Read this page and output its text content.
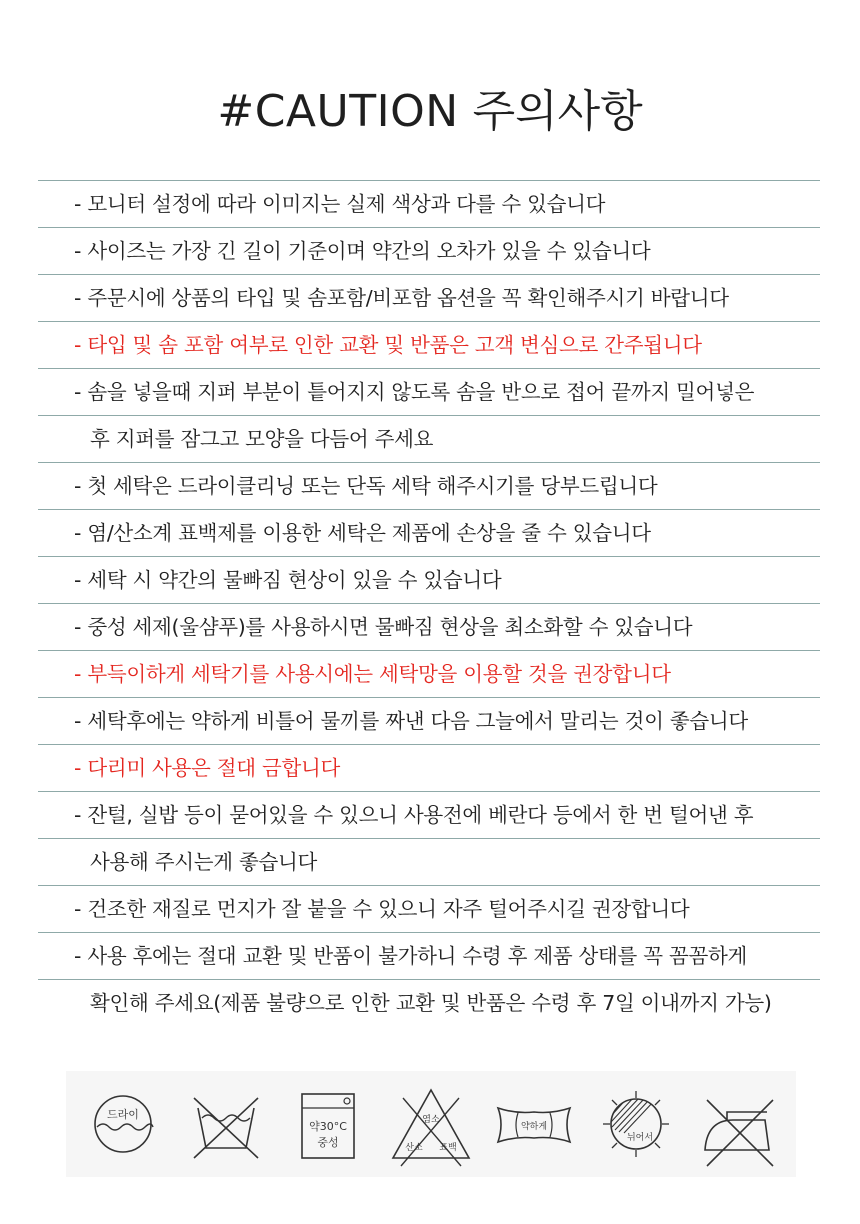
#CAUTION 주의사항
- 모니터 설정에 따라 이미지는 실제 색상과 다를 수 있습니다
- 사이즈는 가장 긴 길이 기준이며 약간의 오차가 있을 수 있습니다
- 주문시에 상품의 타입 및 솜포함/비포함 옵션을 꼭 확인해주시기 바랍니다
- 타입 및 솜 포함 여부로 인한 교환 및 반품은 고객 변심으로 간주됩니다
- 솜을 넣을때 지퍼 부분이 틑어지지 않도록 솜을 반으로 접어 끝까지 밀어넣은
후 지퍼를 잠그고 모양을 다듬어 주세요
- 첫 세탁은 드라이클리닝 또는 단독 세탁 해주시기를 당부드립니다
- 염/산소계 표백제를 이용한 세탁은 제품에 손상을 줄 수 있습니다
- 세탁 시 약간의 물빠짐 현상이 있을 수 있습니다
- 중성 세제(울샴푸)를 사용하시면 물빠짐 현상을 최소화할 수 있습니다
- 부득이하게 세탁기를 사용시에는 세탁망을 이용할 것을 권장합니다
- 세탁후에는 약하게 비틀어 물끼를 짜낸 다음 그늘에서 말리는 것이 좋습니다
- 다리미 사용은 절대 금합니다
- 잔털, 실밥 등이 묻어있을 수 있으니 사용전에 베란다 등에서 한 번 털어낸 후
사용해 주시는게 좋습니다
- 건조한 재질로 먼지가 잘 붙을 수 있으니 자주 털어주시길 권장합니다
- 사용 후에는 절대 교환 및 반품이 불가하니 수령 후 제품 상태를 꼭 꼼꼼하게
확인해 주세요(제품 불량으로 인한 교환 및 반품은 수령 후 7일 이내까지 가능)
드라이
약30°C
중성
염소
산소 표백
약하게
뉘어서
